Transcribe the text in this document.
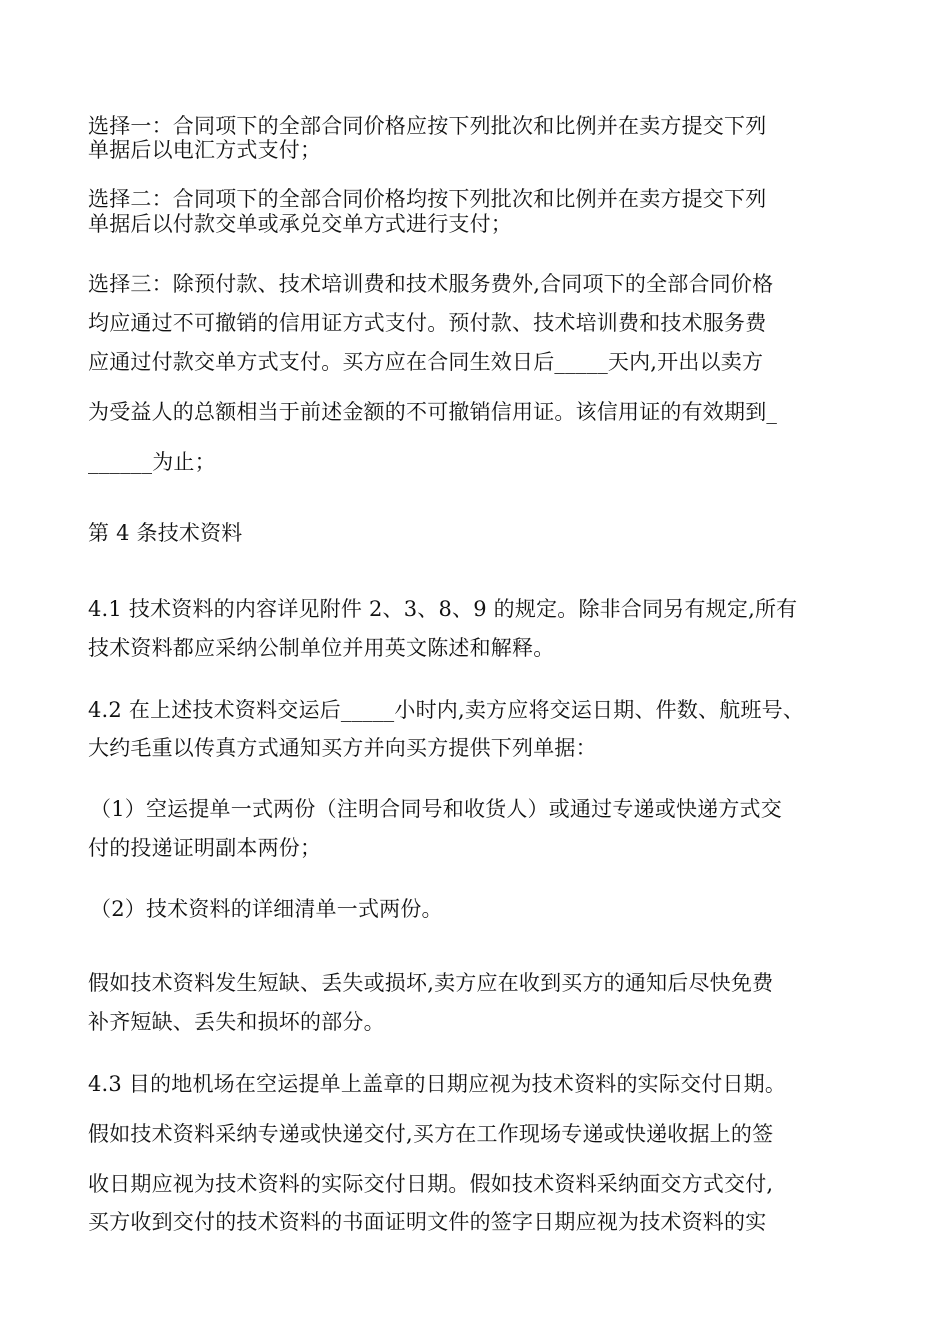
选择一：合同项下的全部合同价格应按下列批次和比例并在卖方提交下列
单据后以电汇方式支付；
选择二：合同项下的全部合同价格均按下列批次和比例并在卖方提交下列
单据后以付款交单或承兑交单方式进行支付；
选择三：除预付款、技术培训费和技术服务费外,合同项下的全部合同价格
均应通过不可撤销的信用证方式支付。预付款、技术培训费和技术服务费
应通过付款交单方式支付。买方应在合同生效日后_____天内,开出以卖方
为受益人的总额相当于前述金额的不可撤销信用证。该信用证的有效期到_
______为止；
第 4 条技术资料
4.1 技术资料的内容详见附件 2、3、8、9 的规定。除非合同另有规定,所有
技术资料都应采纳公制单位并用英文陈述和解释。
4.2 在上述技术资料交运后_____小时内,卖方应将交运日期、件数、航班号、
大约毛重以传真方式通知买方并向买方提供下列单据：
（1）空运提单一式两份（注明合同号和收货人）或通过专递或快递方式交
付的投递证明副本两份；
（2）技术资料的详细清单一式两份。
假如技术资料发生短缺、丢失或损坏,卖方应在收到买方的通知后尽快免费
补齐短缺、丢失和损坏的部分。
4.3 目的地机场在空运提单上盖章的日期应视为技术资料的实际交付日期。
假如技术资料采纳专递或快递交付,买方在工作现场专递或快递收据上的签
收日期应视为技术资料的实际交付日期。假如技术资料采纳面交方式交付,
买方收到交付的技术资料的书面证明文件的签字日期应视为技术资料的实
